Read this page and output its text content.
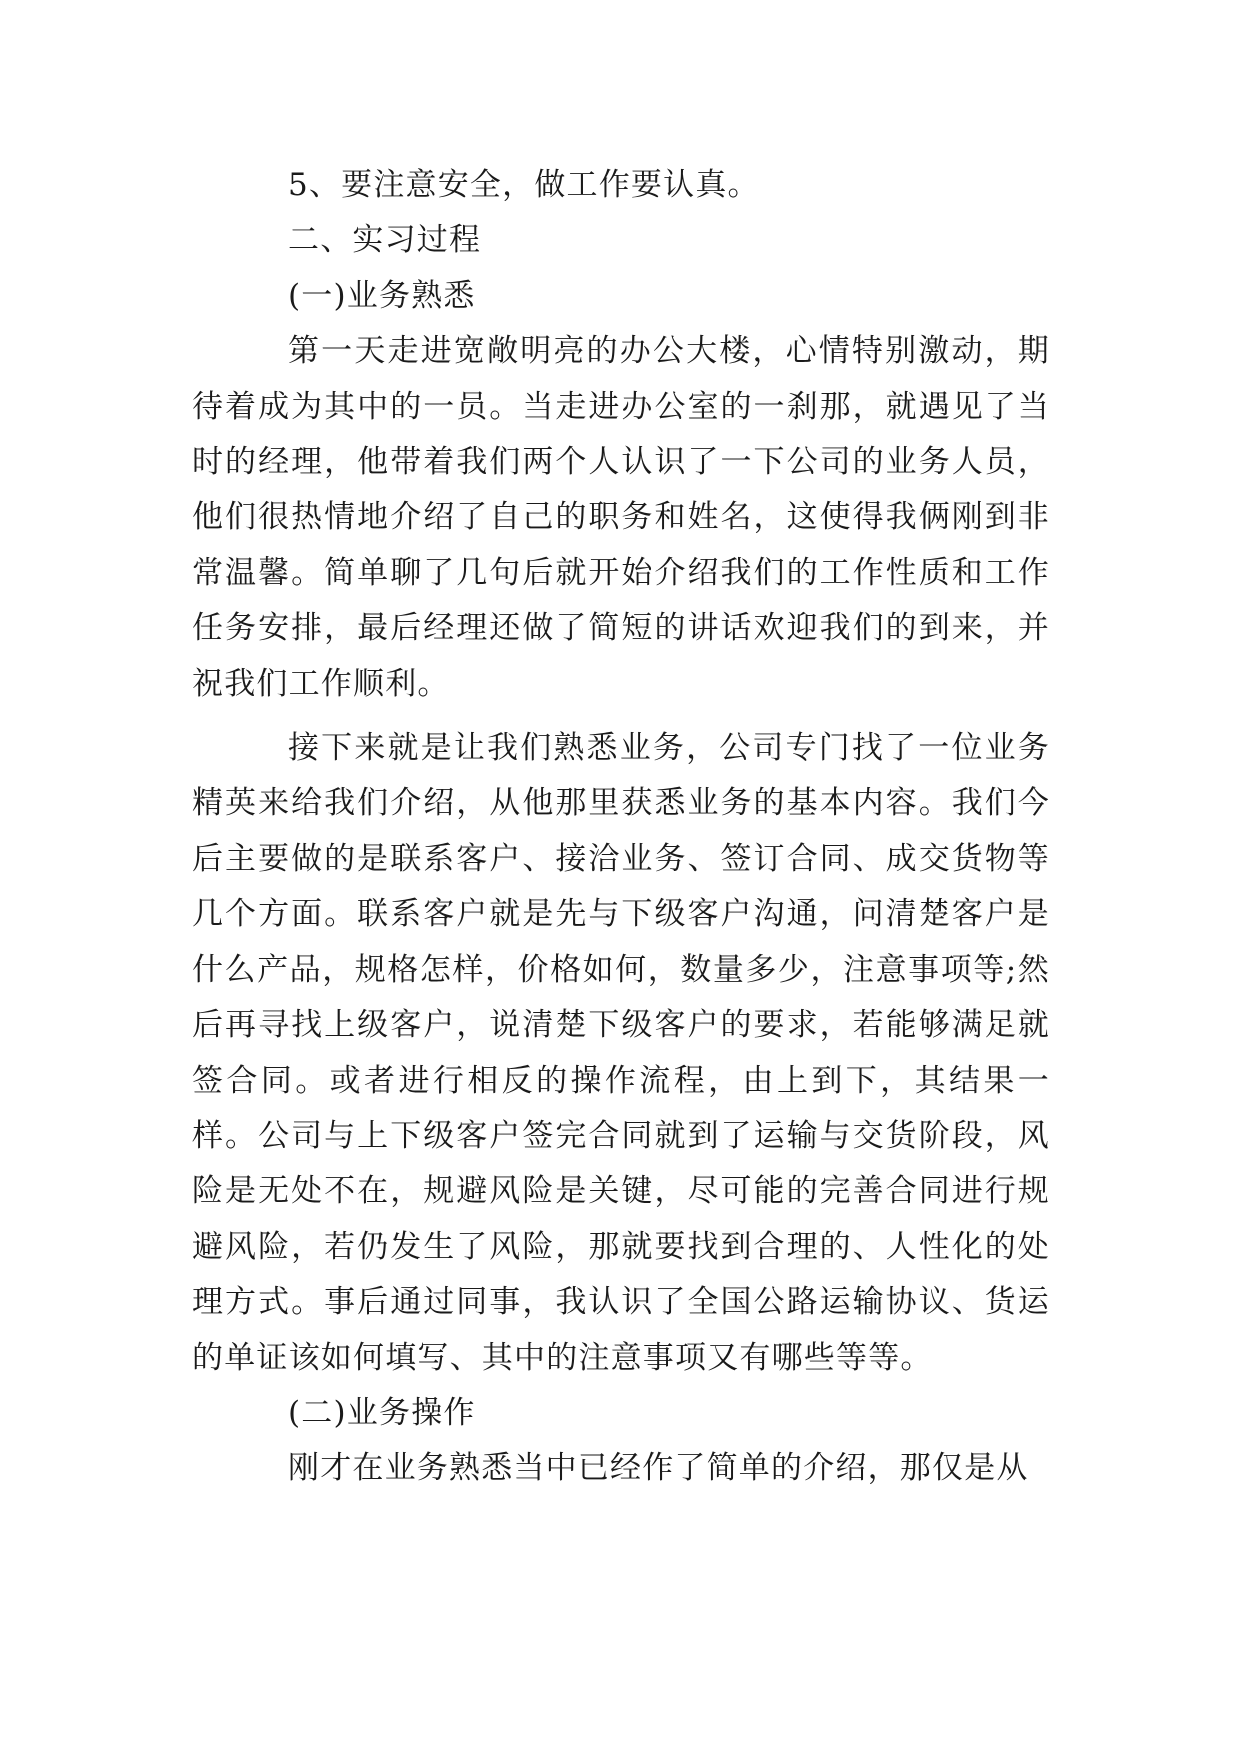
5、要注意安全，做工作要认真。

二、实习过程

(一)业务熟悉

第一天走进宽敞明亮的办公大楼，心情特别激动，期待着成为其中的一员。当走进办公室的一刹那，就遇见了当时的经理，他带着我们两个人认识了一下公司的业务人员，他们很热情地介绍了自己的职务和姓名，这使得我俩刚到非常温馨。简单聊了几句后就开始介绍我们的工作性质和工作任务安排，最后经理还做了简短的讲话欢迎我们的到来，并祝我们工作顺利。

接下来就是让我们熟悉业务，公司专门找了一位业务精英来给我们介绍，从他那里获悉业务的基本内容。我们今后主要做的是联系客户、接洽业务、签订合同、成交货物等几个方面。联系客户就是先与下级客户沟通，问清楚客户是什么产品，规格怎样，价格如何，数量多少，注意事项等;然后再寻找上级客户，说清楚下级客户的要求，若能够满足就签合同。或者进行相反的操作流程，由上到下，其结果一样。公司与上下级客户签完合同就到了运输与交货阶段，风险是无处不在，规避风险是关键，尽可能的完善合同进行规避风险，若仍发生了风险，那就要找到合理的、人性化的处理方式。事后通过同事，我认识了全国公路运输协议、货运的单证该如何填写、其中的注意事项又有哪些等等。

(二)业务操作

刚才在业务熟悉当中已经作了简单的介绍，那仅是从
